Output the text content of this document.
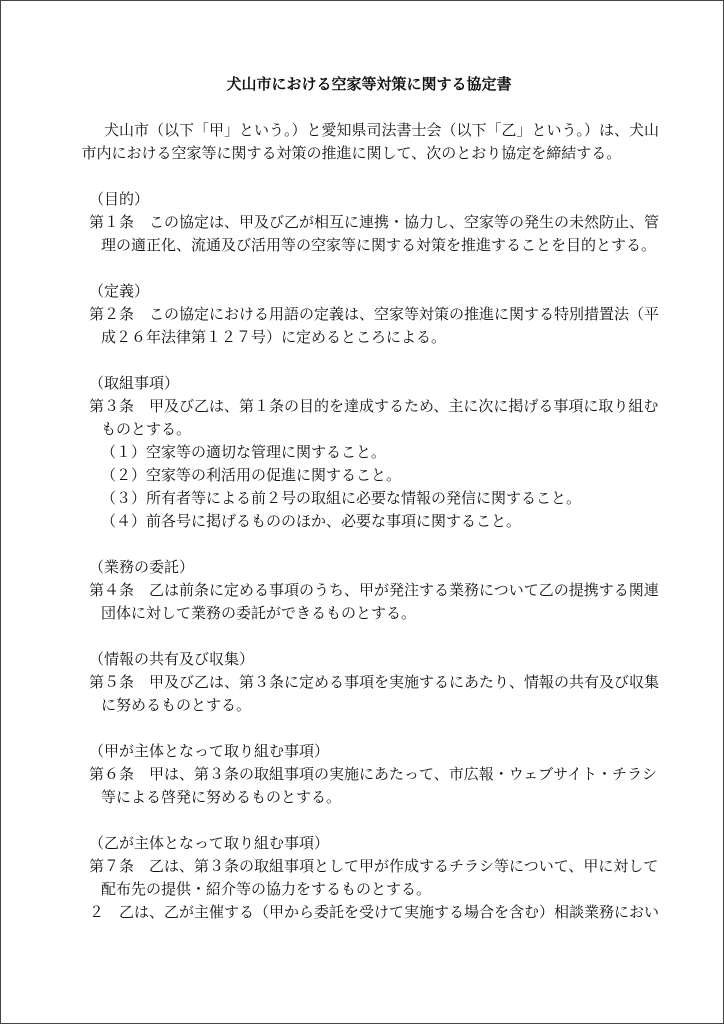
犬山市における空家等対策に関する協定書

犬山市（以下「甲」という。）と愛知県司法書士会（以下「乙」という。）は、犬山

市内における空家等に関する対策の推進に関して、次のとおり協定を締結する。

（目的）

第１条　この協定は、甲及び乙が相互に連携・協力し、空家等の発生の未然防止、管

理の適正化、流通及び活用等の空家等に関する対策を推進することを目的とする。

（定義）

第２条　この協定における用語の定義は、空家等対策の推進に関する特別措置法（平

成２６年法律第１２７号）に定めるところによる。

（取組事項）

第３条　甲及び乙は、第１条の目的を達成するため、主に次に掲げる事項に取り組む

ものとする。

（１）空家等の適切な管理に関すること。

（２）空家等の利活用の促進に関すること。

（３）所有者等による前２号の取組に必要な情報の発信に関すること。

（４）前各号に掲げるもののほか、必要な事項に関すること。

（業務の委託）

第４条　乙は前条に定める事項のうち、甲が発注する業務について乙の提携する関連

団体に対して業務の委託ができるものとする。

（情報の共有及び収集）

第５条　甲及び乙は、第３条に定める事項を実施するにあたり、情報の共有及び収集

に努めるものとする。

（甲が主体となって取り組む事項）

第６条　甲は、第３条の取組事項の実施にあたって、市広報・ウェブサイト・チラシ

等による啓発に努めるものとする。

（乙が主体となって取り組む事項）

第７条　乙は、第３条の取組事項として甲が作成するチラシ等について、甲に対して

配布先の提供・紹介等の協力をするものとする。

２　乙は、乙が主催する（甲から委託を受けて実施する場合を含む）相談業務におい
